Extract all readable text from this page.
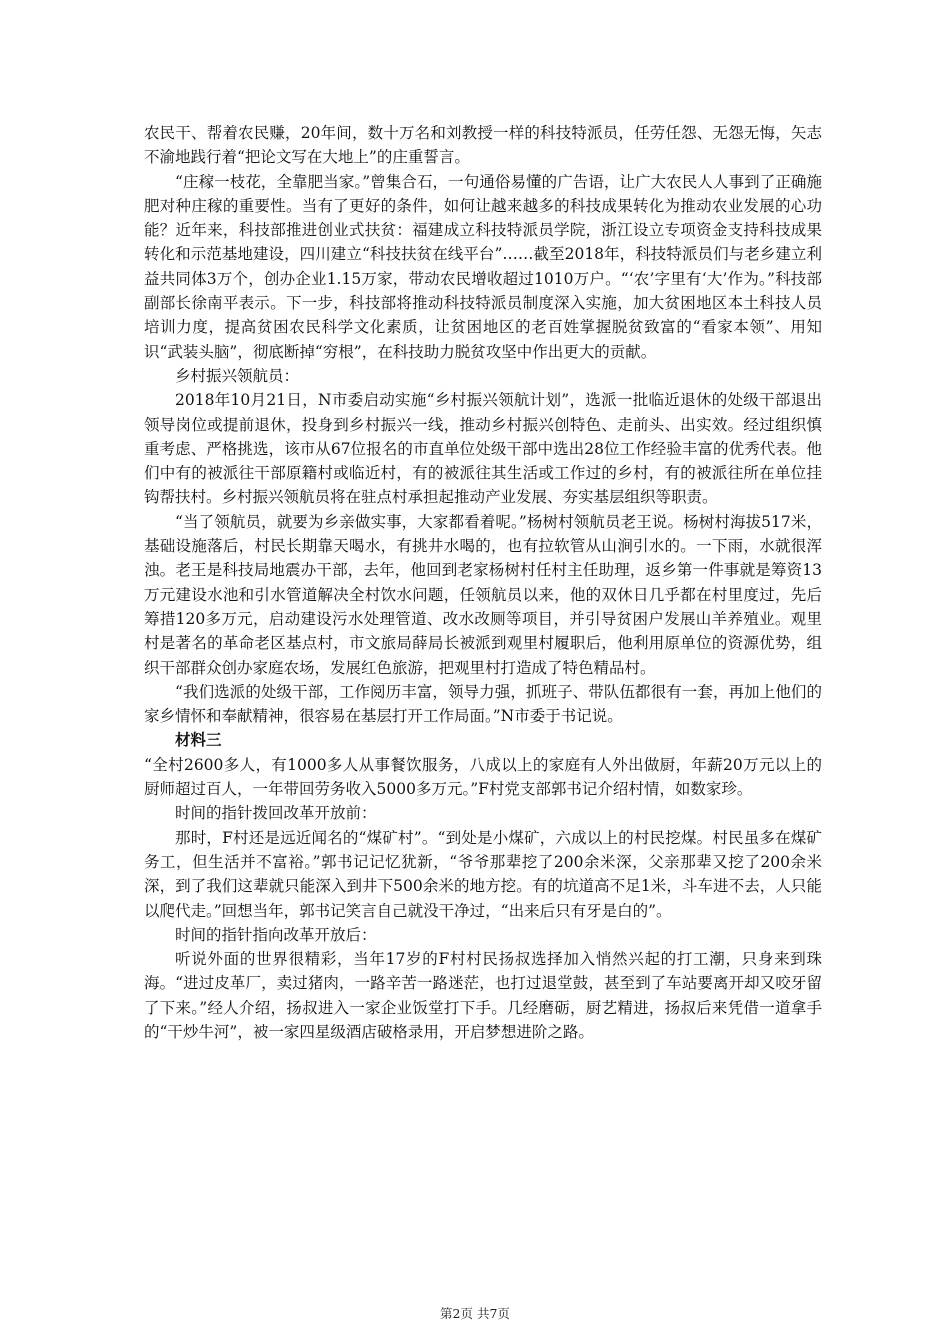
农民干、帮着农民赚，20年间，数十万名和刘教授一样的科技特派员，任劳任怨、无怨无悔，矢志不渝地践行着“把论文写在大地上”的庄重誓言。

“庄稼一枝花，全靠肥当家。”曾集合石，一句通俗易懂的广告语，让广大农民人人事到了正确施肥对种庄稼的重要性。当有了更好的条件，如何让越来越多的科技成果转化为推动农业发展的心功能？近年来，科技部推进创业式扶贫：福建成立科技特派员学院，浙江设立专项资金支持科技成果转化和示范基地建设，四川建立“科技扶贫在线平台”……截至2018年，科技特派员们与老乡建立利益共同体3万个，创办企业1.15万家，带动农民增收超过1010万户。“‘农’字里有‘大’作为。”科技部副部长徐南平表示。下一步，科技部将推动科技特派员制度深入实施，加大贫困地区本土科技人员培训力度，提高贫困农民科学文化素质，让贫困地区的老百姓掌握脱贫致富的“看家本领”、用知识“武装头脑”，彻底断掉“穷根”，在科技助力脱贫攻坚中作出更大的贡献。

乡村振兴领航员：

2018年10月21日，N市委启动实施“乡村振兴领航计划”，选派一批临近退休的处级干部退出领导岗位或提前退休，投身到乡村振兴一线，推动乡村振兴创特色、走前头、出实效。经过组织慎重考虑、严格挑选，该市从67位报名的市直单位处级干部中选出28位工作经验丰富的优秀代表。他们中有的被派往干部原籍村或临近村，有的被派往其生活或工作过的乡村，有的被派往所在单位挂钩帮扶村。乡村振兴领航员将在驻点村承担起推动产业发展、夯实基层组织等职责。

“当了领航员，就要为乡亲做实事，大家都看着呢。”杨树村领航员老王说。杨树村海拔517米，基础设施落后，村民长期靠天喝水，有挑井水喝的，也有拉软管从山涧引水的。一下雨，水就很浑浊。老王是科技局地震办干部，去年，他回到老家杨树村任村主任助理，返乡第一件事就是筹资13万元建设水池和引水管道解决全村饮水问题，任领航员以来，他的双休日几乎都在村里度过，先后筹措120多万元，启动建设污水处理管道、改水改厕等项目，并引导贫困户发展山羊养殖业。观里村是著名的革命老区基点村，市文旅局薛局长被派到观里村履职后，他利用原单位的资源优势，组织干部群众创办家庭农场，发展红色旅游，把观里村打造成了特色精品村。

“我们选派的处级干部，工作阅历丰富，领导力强，抓班子、带队伍都很有一套，再加上他们的家乡情怀和奉献精神，很容易在基层打开工作局面。”N市委于书记说。

材料三

“全村2600多人，有1000多人从事餐饮服务，八成以上的家庭有人外出做厨，年薪20万元以上的厨师超过百人，一年带回劳务收入5000多万元。”F村党支部郭书记介绍村情，如数家珍。

时间的指针拨回改革开放前：

那时，F村还是远近闻名的“煤矿村”。“到处是小煤矿，六成以上的村民挖煤。村民虽多在煤矿务工，但生活并不富裕。”郭书记记忆犹新，“爷爷那辈挖了200余米深，父亲那辈又挖了200余米深，到了我们这辈就只能深入到井下500余米的地方挖。有的坑道高不足1米，斗车进不去，人只能以爬代走。”回想当年，郭书记笑言自己就没干净过，“出来后只有牙是白的”。

时间的指针指向改革开放后：

听说外面的世界很精彩，当年17岁的F村村民扬叔选择加入悄然兴起的打工潮，只身来到珠海。“进过皮革厂，卖过猪肉，一路辛苦一路迷茫，也打过退堂鼓，甚至到了车站要离开却又咬牙留了下来。”经人介绍，扬叔进入一家企业饭堂打下手。几经磨砺，厨艺精进，扬叔后来凭借一道拿手的“干炒牛河”，被一家四星级酒店破格录用，开启梦想进阶之路。

第2页 共7页
